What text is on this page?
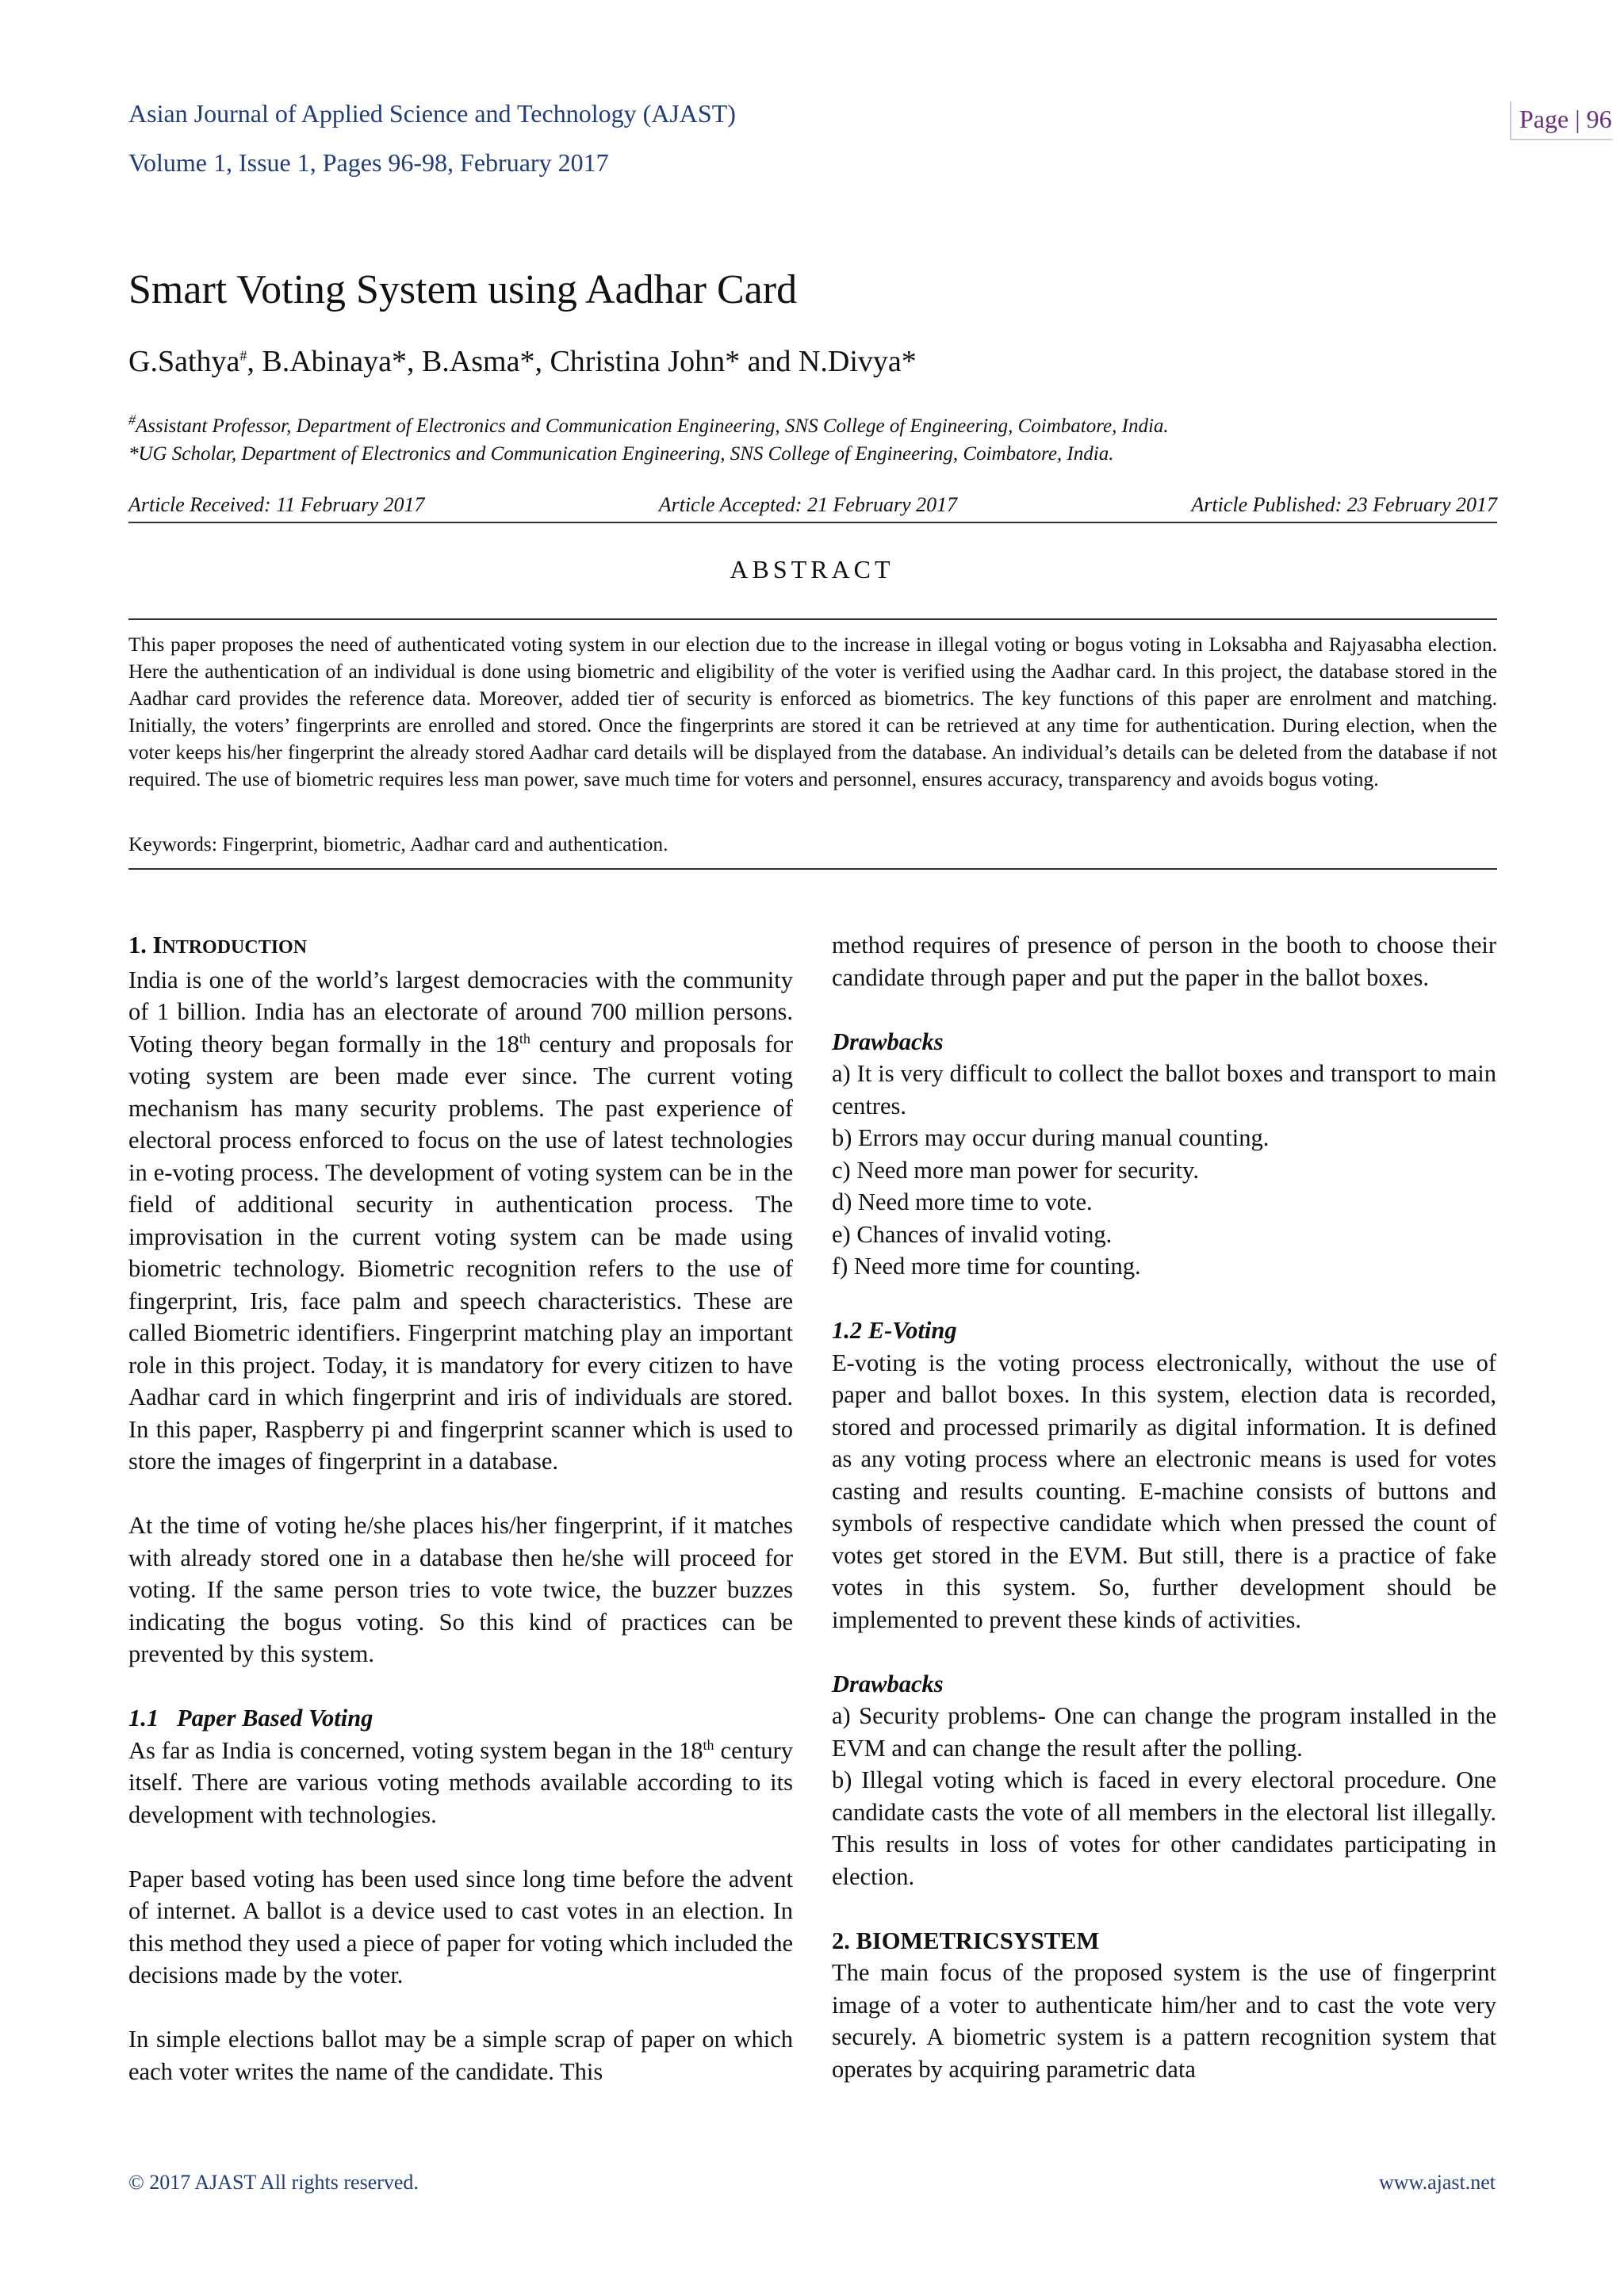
Asian Journal of Applied Science and Technology (AJAST)
Volume 1, Issue 1, Pages 96-98, February 2017
Page | 96
Smart Voting System using Aadhar Card
G.Sathya#, B.Abinaya*, B.Asma*, Christina John* and N.Divya*
#Assistant Professor, Department of Electronics and Communication Engineering, SNS College of Engineering, Coimbatore, India.
*UG Scholar, Department of Electronics and Communication Engineering, SNS College of Engineering, Coimbatore, India.
Article Received: 11 February 2017	Article Accepted: 21 February 2017	Article Published: 23 February 2017
ABSTRACT
This paper proposes the need of authenticated voting system in our election due to the increase in illegal voting or bogus voting in Loksabha and Rajyasabha election. Here the authentication of an individual is done using biometric and eligibility of the voter is verified using the Aadhar card. In this project, the database stored in the Aadhar card provides the reference data. Moreover, added tier of security is enforced as biometrics. The key functions of this paper are enrolment and matching. Initially, the voters’ fingerprints are enrolled and stored. Once the fingerprints are stored it can be retrieved at any time for authentication. During election, when the voter keeps his/her fingerprint the already stored Aadhar card details will be displayed from the database. An individual’s details can be deleted from the database if not required. The use of biometric requires less man power, save much time for voters and personnel, ensures accuracy, transparency and avoids bogus voting.
Keywords: Fingerprint, biometric, Aadhar card and authentication.

1. INTRODUCTION

India is one of the world’s largest democracies with the community of 1 billion. India has an electorate of around 700 million persons. Voting theory began formally in the 18th century and proposals for voting system are been made ever since. The current voting mechanism has many security problems. The past experience of electoral process enforced to focus on the use of latest technologies in e-voting process. The development of voting system can be in the field of additional security in authentication process. The improvisation in the current voting system can be made using biometric technology. Biometric recognition refers to the use of fingerprint, Iris, face palm and speech characteristics. These are called Biometric identifiers. Fingerprint matching play an important role in this project. Today, it is mandatory for every citizen to have Aadhar card in which fingerprint and iris of individuals are stored. In this paper, Raspberry pi and fingerprint scanner which is used to store the images of fingerprint in a database.

At the time of voting he/she places his/her fingerprint, if it matches with already stored one in a database then he/she will proceed for voting. If the same person tries to vote twice, the buzzer buzzes indicating the bogus voting. So this kind of practices can be prevented by this system.

1.1   Paper Based Voting

As far as India is concerned, voting system began in the 18th century itself. There are various voting methods available according to its development with technologies.

Paper based voting has been used since long time before the advent of internet. A ballot is a device used to cast votes in an election. In this method they used a piece of paper for voting which included the decisions made by the voter.

In simple elections ballot may be a simple scrap of paper on which each voter writes the name of the candidate. This

method requires of presence of person in the booth to choose their candidate through paper and put the paper in the ballot boxes.

Drawbacks

a) It is very difficult to collect the ballot boxes and transport to main centres.

b) Errors may occur during manual counting.

c) Need more man power for security.

d) Need more time to vote.

e) Chances of invalid voting.

f) Need more time for counting.

1.2 E-Voting

E-voting is the voting process electronically, without the use of paper and ballot boxes. In this system, election data is recorded, stored and processed primarily as digital information. It is defined as any voting process where an electronic means is used for votes casting and results counting. E-machine consists of buttons and symbols of respective candidate which when pressed the count of votes get stored in the EVM. But still, there is a practice of fake votes in this system. So, further development should be implemented to prevent these kinds of activities.

Drawbacks

a) Security problems- One can change the program installed in the EVM and can change the result after the polling.

b) Illegal voting which is faced in every electoral procedure. One candidate casts the vote of all members in the electoral list illegally. This results in loss of votes for other candidates participating in election.

2. BIOMETRICSYSTEM

The main focus of the proposed system is the use of fingerprint image of a voter to authenticate him/her and to cast the vote very securely. A biometric system is a pattern recognition system that operates by acquiring parametric data

© 2017 AJAST All rights reserved.	www.ajast.net
